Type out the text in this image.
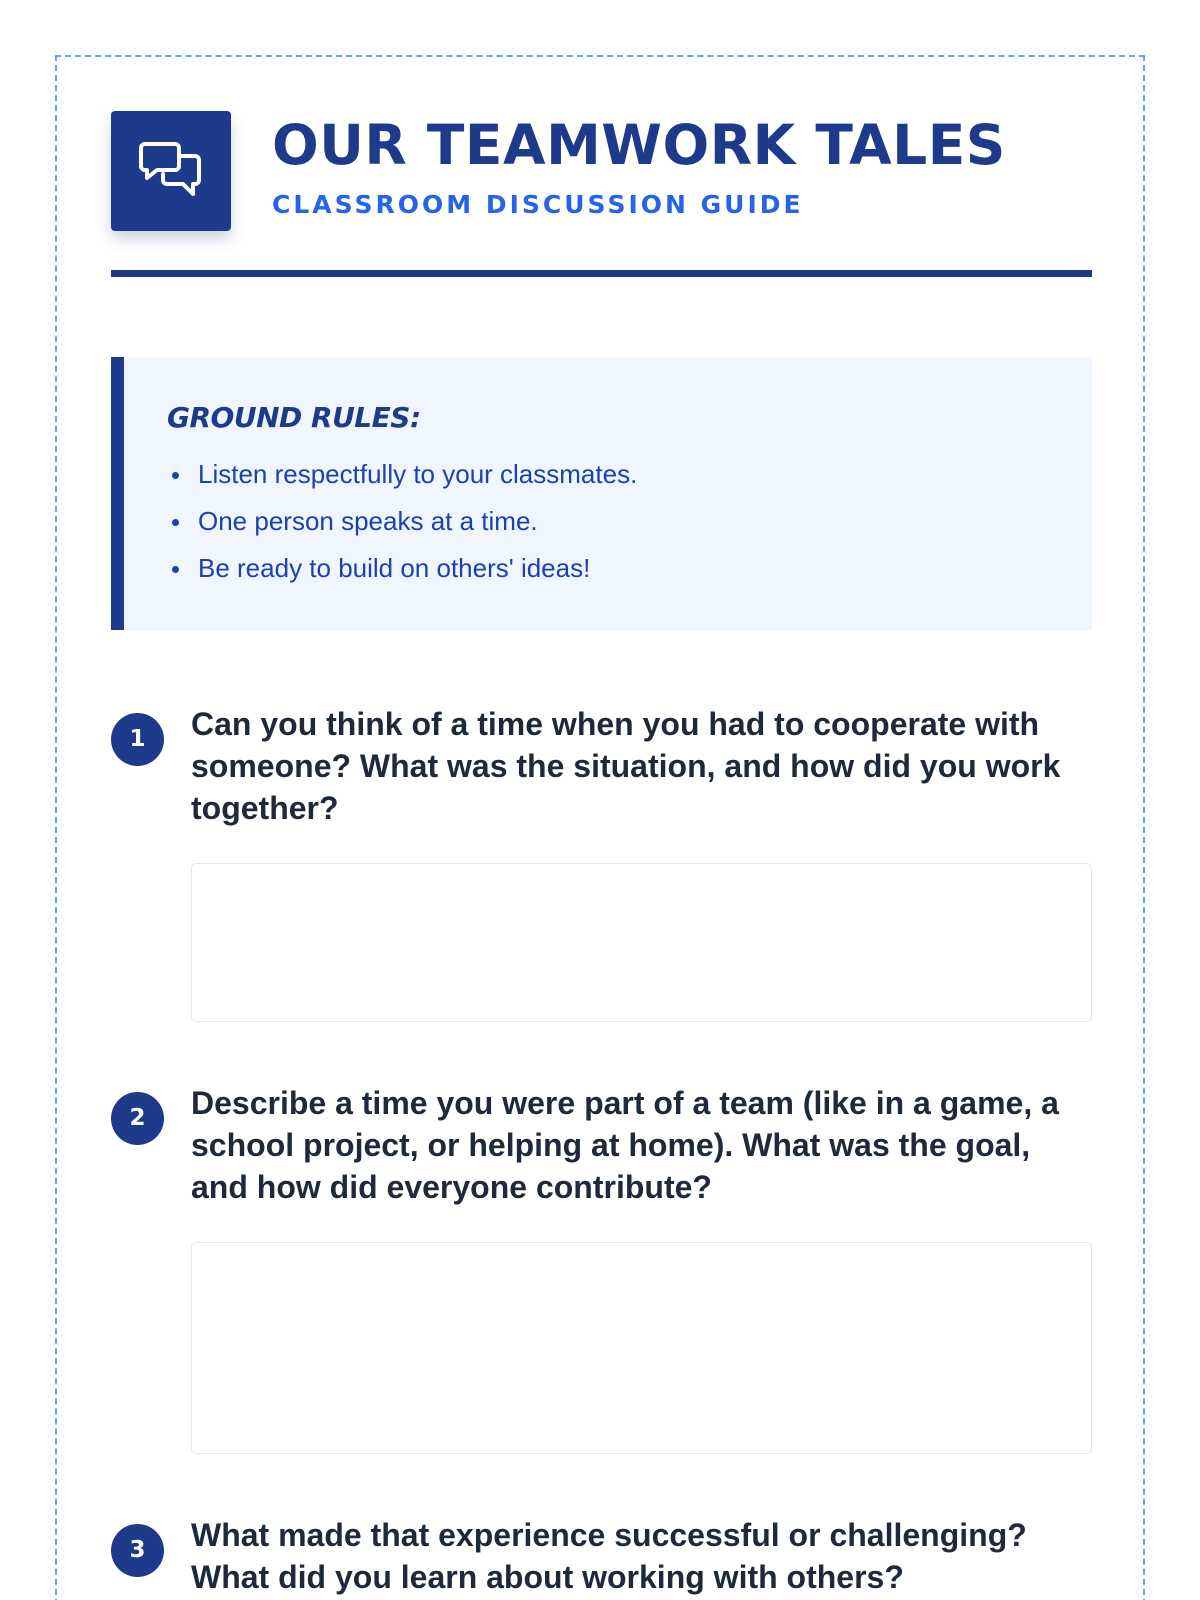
OUR TEAMWORK TALES
CLASSROOM DISCUSSION GUIDE
GROUND RULES:
Listen respectfully to your classmates.
One person speaks at a time.
Be ready to build on others' ideas!
1	Can you think of a time when you had to cooperate with someone? What was the situation, and how did you work together?

2	Describe a time you were part of a team (like in a game, a school project, or helping at home). What was the goal, and how did everyone contribute?

3	What made that experience successful or challenging? What did you learn about working with others?
